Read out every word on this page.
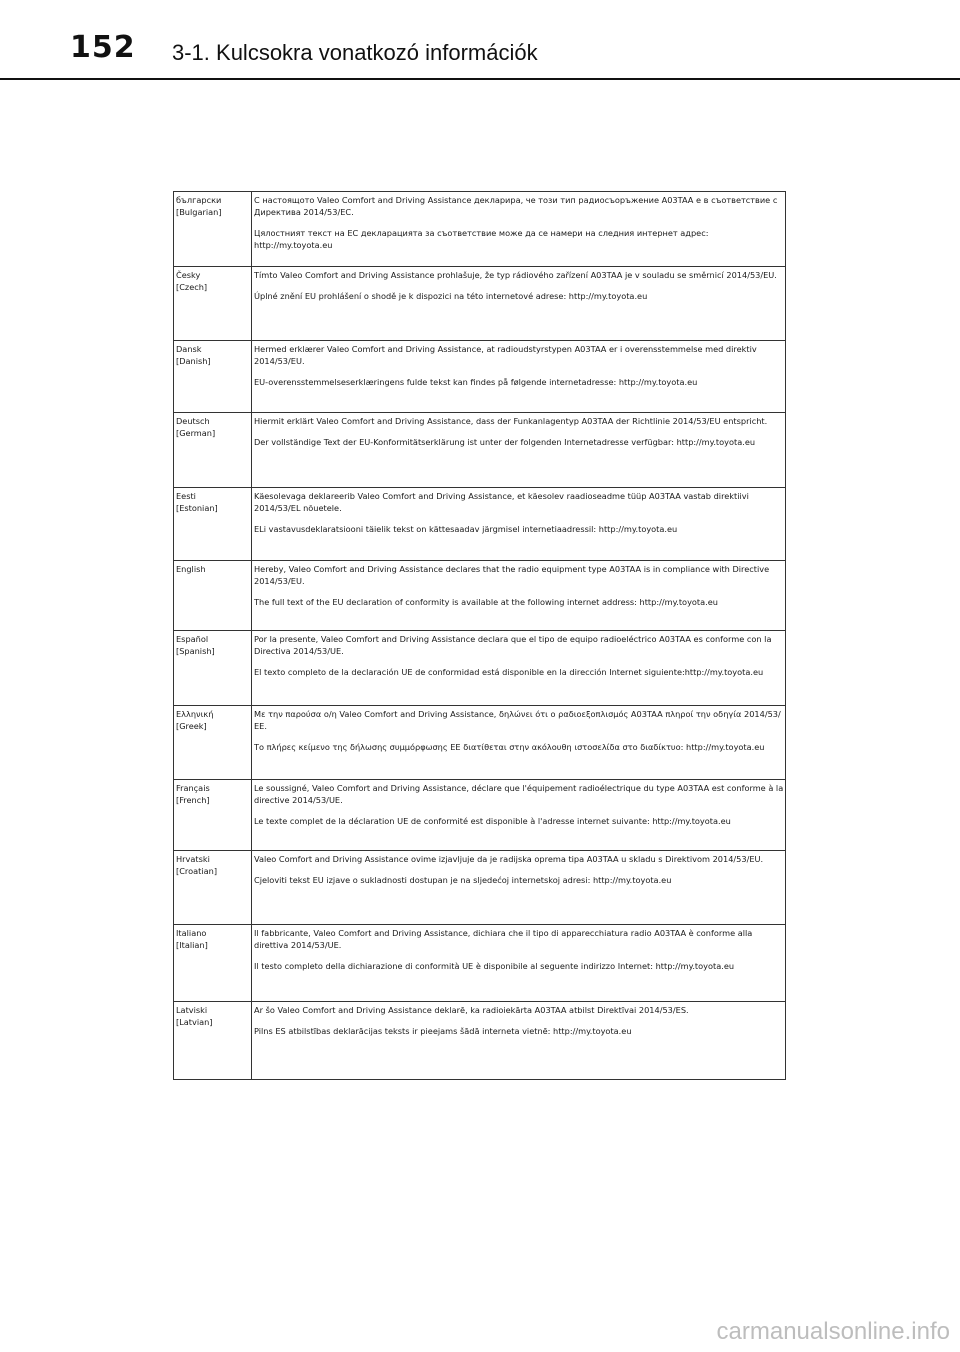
152 3-1. Kulcsokra vonatkozó információk
български
[Bulgarian]	С настоящото Valeo Comfort and Driving Assistance декларира, че този тип радиосъоръжение A03TAA е в съответствие с Директива 2014/53/ЕС.
Цялостният текст на ЕС декларацията за съответствие може да се намери на следния интернет адрес: http://my.toyota.eu

Česky
[Czech]	Tímto Valeo Comfort and Driving Assistance prohlašuje, že typ rádiového zařízení A03TAA je v souladu se směrnicí 2014/53/EU.
Úplné znění EU prohlášení o shodě je k dispozici na této internetové adrese: http://my.toyota.eu

Dansk
[Danish]	Hermed erklærer Valeo Comfort and Driving Assistance, at radioudstyrstypen A03TAA er i overensstemmelse med direktiv 2014/53/EU.
EU-overensstemmelseserklæringens fulde tekst kan findes på følgende internetadresse: http://my.toyota.eu

Deutsch
[German]	Hiermit erklärt Valeo Comfort and Driving Assistance, dass der Funkanlagentyp A03TAA der Richtlinie 2014/53/EU entspricht.
Der vollständige Text der EU-Konformitätserklärung ist unter der folgenden Internetadresse verfügbar: http://my.toyota.eu

Eesti
[Estonian]	Käesolevaga deklareerib Valeo Comfort and Driving Assistance, et käesolev raadioseadme tüüp A03TAA vastab direktiivi 2014/53/EL nõuetele.
ELi vastavusdeklaratsiooni täielik tekst on kättesaadav järgmisel internetiaadressil: http://my.toyota.eu

English	Hereby, Valeo Comfort and Driving Assistance declares that the radio equipment type A03TAA is in compliance with Directive 2014/53/EU.
The full text of the EU declaration of conformity is available at the following internet address: http://my.toyota.eu

Español
[Spanish]	Por la presente, Valeo Comfort and Driving Assistance declara que el tipo de equipo radioeléctrico A03TAA es conforme con la Directiva 2014/53/UE.
El texto completo de la declaración UE de conformidad está disponible en la dirección Internet siguiente:http://my.toyota.eu

Ελληνική
[Greek]	Με την παρούσα ο/η Valeo Comfort and Driving Assistance, δηλώνει ότι ο ραδιοεξοπλισμός A03TAA πληροί την οδηγία 2014/53/ΕΕ.
Το πλήρες κείμενο της δήλωσης συμμόρφωσης ΕΕ διατίθεται στην ακόλουθη ιστοσελίδα στο διαδίκτυο: http://my.toyota.eu

Français
[French]	Le soussigné, Valeo Comfort and Driving Assistance, déclare que l'équipement radioélectrique du type A03TAA est conforme à la directive 2014/53/UE.
Le texte complet de la déclaration UE de conformité est disponible à l'adresse internet suivante: http://my.toyota.eu

Hrvatski
[Croatian]	Valeo Comfort and Driving Assistance ovime izjavljuje da je radijska oprema tipa A03TAA u skladu s Direktivom 2014/53/EU.
Cjeloviti tekst EU izjave o sukladnosti dostupan je na sljedećoj internetskoj adresi: http://my.toyota.eu

Italiano
[Italian]	Il fabbricante, Valeo Comfort and Driving Assistance, dichiara che il tipo di apparecchiatura radio A03TAA è conforme alla direttiva 2014/53/UE.
Il testo completo della dichiarazione di conformità UE è disponibile al seguente indirizzo Internet: http://my.toyota.eu

Latviski
[Latvian]	Ar šo Valeo Comfort and Driving Assistance deklarē, ka radioiekārta A03TAA atbilst Direktīvai 2014/53/ES.
Pilns ES atbilstības deklarācijas teksts ir pieejams šādā interneta vietnē: http://my.toyota.eu
carmanualsonline.info
